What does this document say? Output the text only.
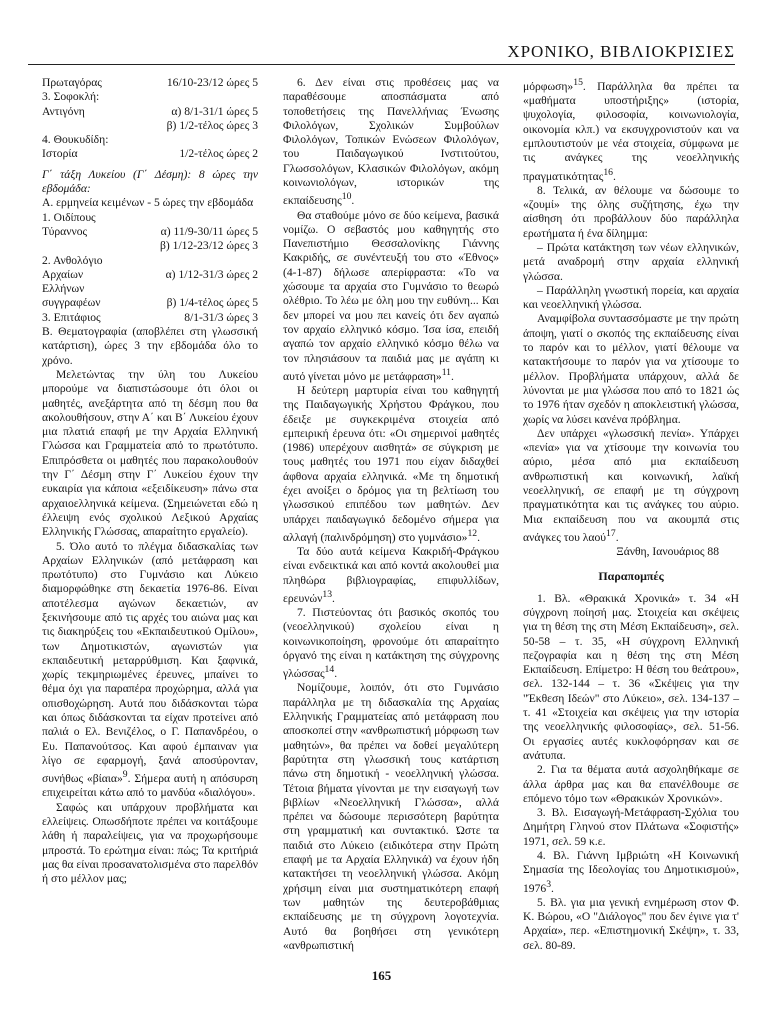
ΧΡΟΝΙΚΟ, ΒΙΒΛΙΟΚΡΙΣΙΕΣ
Πρωταγόρας	16/10-23/12 ώρες 5
3. Σοφοκλή:
Αντιγόνη	α) 8/1-31/1 ώρες 5
β) 1/2-τέλος ώρες 3
4. Θουκυδίδη:
Ιστορία	1/2-τέλος ώρες 2

Γ΄ τάξη Λυκείου (Γ΄ Δέσμη): 8 ώρες την εβδομάδα:

Α. ερμηνεία κειμένων - 5 ώρες την εβδομάδα

1. Οιδίπους
Τύραννος	α) 11/9-30/11 ώρες 5
β) 1/12-23/12 ώρες 3
2. Ανθολόγιο
Αρχαίων	α) 1/12-31/3 ώρες 2
Ελλήνων
συγγραφέων	β) 1/4-τέλος ώρες 5
3. Επιτάφιος	8/1-31/3 ώρες 3

Β. Θεματογραφία (αποβλέπει στη γλωσσική κατάρτιση), ώρες 3 την εβδομάδα όλο το χρόνο.

Μελετώντας την ύλη του Λυκείου μπορούμε να διαπιστώσουμε ότι όλοι οι μαθητές, ανεξάρτητα από τη δέσμη που θα ακολουθήσουν, στην Α΄ και Β΄ Λυκείου έχουν μια πλατιά επαφή με την Αρχαία Ελληνική Γλώσσα και Γραμματεία από το πρωτότυπο. Επιπρόσθετα οι μαθητές που παρακολουθούν την Γ΄ Δέσμη στην Γ΄ Λυκείου έχουν την ευκαιρία για κάποια «εξειδίκευση» πάνω στα αρχαιοελληνικά κείμενα. (Σημειώνεται εδώ η έλλειψη ενός σχολικού Λεξικού Αρχαίας Ελληνικής Γλώσσας, απαραίτητο εργαλείο).

5. Όλο αυτό το πλέγμα διδασκαλίας των Αρχαίων Ελληνικών (από μετάφραση και πρωτότυπο) στο Γυμνάσιο και Λύκειο διαμορφώθηκε στη δεκαετία 1976-86. Είναι αποτέλεσμα αγώνων δεκαετιών, αν ξεκινήσουμε από τις αρχές του αιώνα μας και τις διακηρύξεις του «Εκπαιδευτικού Ομίλου», των Δημοτικιστών, αγωνιστών για εκπαιδευτική μεταρρύθμιση. Και ξαφνικά, χωρίς τεκμηριωμένες έρευνες, μπαίνει το θέμα όχι για παραπέρα προχώρημα, αλλά για οπισθοχώρηση. Αυτά που διδάσκονται τώρα και όπως διδάσκονται τα είχαν προτείνει από παλιά ο Ελ. Βενιζέλος, ο Γ. Παπανδρέου, ο Ευ. Παπανούτσος. Και αφού έμπαιναν για λίγο σε εφαρμογή, ξανά αποσύρονταν, συνήθως «βίαια»$^9$. Σήμερα αυτή η απόσυρση επιχειρείται κάτω από το μανδύα «διαλόγου».

Σαφώς και υπάρχουν προβλήματα και ελλείψεις. Οπωσδήποτε πρέπει να κοιτάξουμε λάθη ή παραλείψεις, για να προχωρήσουμε μπροστά. Το ερώτημα είναι: πώς; Τα κριτήριά μας θα είναι προσανατολισμένα στο παρελθόν ή στο μέλλον μας;

6. Δεν είναι στις προθέσεις μας να παραθέσουμε αποσπάσματα από τοποθετήσεις της Πανελλήνιας Ένωσης Φιλολόγων, Σχολικών Συμβούλων Φιλολόγων, Τοπικών Ενώσεων Φιλολόγων, του Παιδαγωγικού Ινστιτούτου, Γλωσσολόγων, Κλασικών Φιλολόγων, ακόμη κοινωνιολόγων, ιστορικών της εκπαίδευσης$^{10}$.

Θα σταθούμε μόνο σε δύο κείμενα, βασικά νομίζω. Ο σεβαστός μου καθηγητής στο Πανεπιστήμιο Θεσσαλονίκης Γιάννης Κακριδής, σε συνέντευξή του στο «Έθνος» (4-1-87) δήλωσε απερίφραστα: «Το να χώσουμε τα αρχαία στο Γυμνάσιο το θεωρώ ολέθριο. Το λέω με όλη μου την ευθύνη... Και δεν μπορεί να μου πει κανείς ότι δεν αγαπώ τον αρχαίο ελληνικό κόσμο. Ίσα ίσα, επειδή αγαπώ τον αρχαίο ελληνικό κόσμο θέλω να τον πλησιάσουν τα παιδιά μας με αγάπη κι αυτό γίνεται μόνο με μετάφραση»$^{11}$.

Η δεύτερη μαρτυρία είναι του καθηγητή της Παιδαγωγικής Χρήστου Φράγκου, που έδειξε με συγκεκριμένα στοιχεία από εμπειρική έρευνα ότι: «Οι σημερινοί μαθητές (1986) υπερέχουν αισθητά» σε σύγκριση με τους μαθητές του 1971 που είχαν διδαχθεί άφθονα αρχαία ελληνικά. «Με τη δημοτική έχει ανοίξει ο δρόμος για τη βελτίωση του γλωσσικού επιπέδου των μαθητών. Δεν υπάρχει παιδαγωγικό δεδομένο σήμερα για αλλαγή (παλινδρόμηση) στο γυμνάσιο»$^{12}$.

Τα δύο αυτά κείμενα Κακριδή-Φράγκου είναι ενδεικτικά και από κοντά ακολουθεί μια πληθώρα βιβλιογραφίας, επιφυλλίδων, ερευνών$^{13}$.

7. Πιστεύοντας ότι βασικός σκοπός του (νεοελληνικού) σχολείου είναι η κοινωνικοποίηση, φρονούμε ότι απαραίτητο όργανό της είναι η κατάκτηση της σύγχρονης γλώσσας$^{14}$.

Νομίζουμε, λοιπόν, ότι στο Γυμνάσιο παράλληλα με τη διδασκαλία της Αρχαίας Ελληνικής Γραμματείας από μετάφραση που αποσκοπεί στην «ανθρωπιστική μόρφωση των μαθητών», θα πρέπει να δοθεί μεγαλύτερη βαρύτητα στη γλωσσική τους κατάρτιση πάνω στη δημοτική - νεοελληνική γλώσσα. Τέτοια βήματα γίνονται με την εισαγωγή των βιβλίων «Νεοελληνική Γλώσσα», αλλά πρέπει να δώσουμε περισσότερη βαρύτητα στη γραμματική και συντακτικό. Ώστε τα παιδιά στο Λύκειο (ειδικότερα στην Πρώτη επαφή με τα Αρχαία Ελληνικά) να έχουν ήδη κατακτήσει τη νεοελληνική γλώσσα. Ακόμη χρήσιμη είναι μια συστηματικότερη επαφή των μαθητών της δευτεροβάθμιας εκπαίδευσης με τη σύγχρονη λογοτεχνία. Αυτό θα βοηθήσει στη γενικότερη «ανθρωπιστική

μόρφωση»$^{15}$. Παράλληλα θα πρέπει τα «μαθήματα υποστήριξης» (ιστορία, ψυχολογία, φιλοσοφία, κοινωνιολογία, οικονομία κλπ.) να εκσυγχρονιστούν και να εμπλουτιστούν με νέα στοιχεία, σύμφωνα με τις ανάγκες της νεοελληνικής πραγματικότητας$^{16}$.

8. Τελικά, αν θέλουμε να δώσουμε το «ζουμί» της όλης συζήτησης, έχω την αίσθηση ότι προβάλλουν δύο παράλληλα ερωτήματα ή ένα δίλημμα:

– Πρώτα κατάκτηση των νέων ελληνικών, μετά αναδρομή στην αρχαία ελληνική γλώσσα.

– Παράλληλη γνωστική πορεία, και αρχαία και νεοελληνική γλώσσα.

Αναμφίβολα συντασσόμαστε με την πρώτη άποψη, γιατί ο σκοπός της εκπαίδευσης είναι το παρόν και το μέλλον, γιατί θέλουμε να κατακτήσουμε το παρόν για να χτίσουμε το μέλλον. Προβλήματα υπάρχουν, αλλά δε λύνονται με μια γλώσσα που από το 1821 ώς το 1976 ήταν σχεδόν η αποκλειστική γλώσσα, χωρίς να λύσει κανένα πρόβλημα.

Δεν υπάρχει «γλωσσική πενία». Υπάρχει «πενία» για να χτίσουμε την κοινωνία του αύριο, μέσα από μια εκπαίδευση ανθρωπιστική και κοινωνική, λαϊκή νεοελληνική, σε επαφή με τη σύγχρονη πραγματικότητα και τις ανάγκες του αύριο. Μια εκπαίδευση που να ακουμπά στις ανάγκες του λαού$^{17}$.

Ξάνθη, Ιανουάριος 88

Παραπομπές

1. Βλ. «Θρακικά Χρονικά» τ. 34 «Η σύγχρονη ποίησή μας. Στοιχεία και σκέψεις για τη θέση της στη Μέση Εκπαίδευση», σελ. 50-58 – τ. 35, «Η σύγχρονη Ελληνική πεζογραφία και η θέση της στη Μέση Εκπαίδευση. Επίμετρο: Η θέση του θεάτρου», σελ. 132-144 – τ. 36 «Σκέψεις για την "Έκθεση Ιδεών" στο Λύκειο», σελ. 134-137 – τ. 41 «Στοιχεία και σκέψεις για την ιστορία της νεοελληνικής φιλοσοφίας», σελ. 51-56. Οι εργασίες αυτές κυκλοφόρησαν και σε ανάτυπα.

2. Για τα θέματα αυτά ασχοληθήκαμε σε άλλα άρθρα μας και θα επανέλθουμε σε επόμενο τόμο των «Θρακικών Χρονικών».

3. Βλ. Εισαγωγή-Μετάφραση-Σχόλια του Δημήτρη Γληνού στον Πλάτωνα «Σοφιστής» 1971, σελ. 59 κ.ε.

4. Βλ. Γιάννη Ιμβριώτη «Η Κοινωνική Σημασία της Ιδεολογίας του Δημοτικισμού», 1976$^3$.

5. Βλ. για μια γενική ενημέρωση στον Φ. Κ. Βώρου, «Ο "Διάλογος" που δεν έγινε για τ' Αρχαία», περ. «Επιστημονική Σκέψη», τ. 33, σελ. 80-89.

165
